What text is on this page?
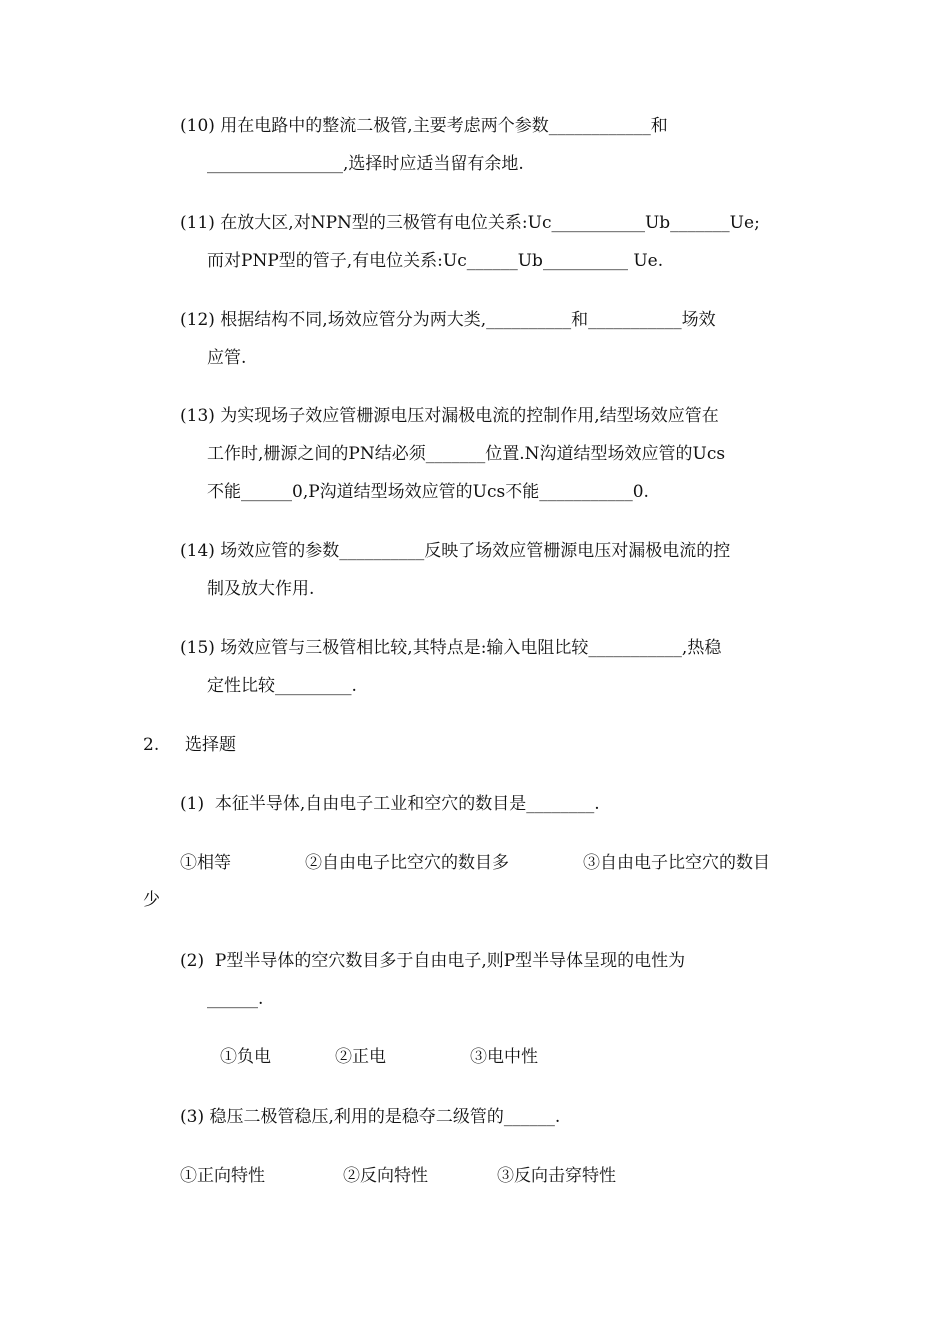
(10) 用在电路中的整流二极管,主要考虑两个参数____________和
________________,选择时应适当留有余地.
(11) 在放大区,对NPN型的三极管有电位关系:Uc___________Ub_______Ue;
而对PNP型的管子,有电位关系:Uc______Ub__________ Ue.
(12) 根据结构不同,场效应管分为两大类,__________和___________场效
应管.
(13) 为实现场子效应管栅源电压对漏极电流的控制作用,结型场效应管在
工作时,栅源之间的PN结必须_______位置.N沟道结型场效应管的Ucs
不能______0,P沟道结型场效应管的Ucs不能___________0.
(14) 场效应管的参数__________反映了场效应管栅源电压对漏极电流的控
制及放大作用.
(15) 场效应管与三极管相比较,其特点是:输入电阻比较___________,热稳
定性比较_________.
2. 选择题
(1)  本征半导体,自由电子工业和空穴的数目是________.
①相等	②自由电子比空穴的数目多	③自由电子比空穴的数目
少
(2)  P型半导体的空穴数目多于自由电子,则P型半导体呈现的电性为
______.
①负电	②正电	③电中性
(3) 稳压二极管稳压,利用的是稳夺二级管的______.
①正向特性	②反向特性	③反向击穿特性
